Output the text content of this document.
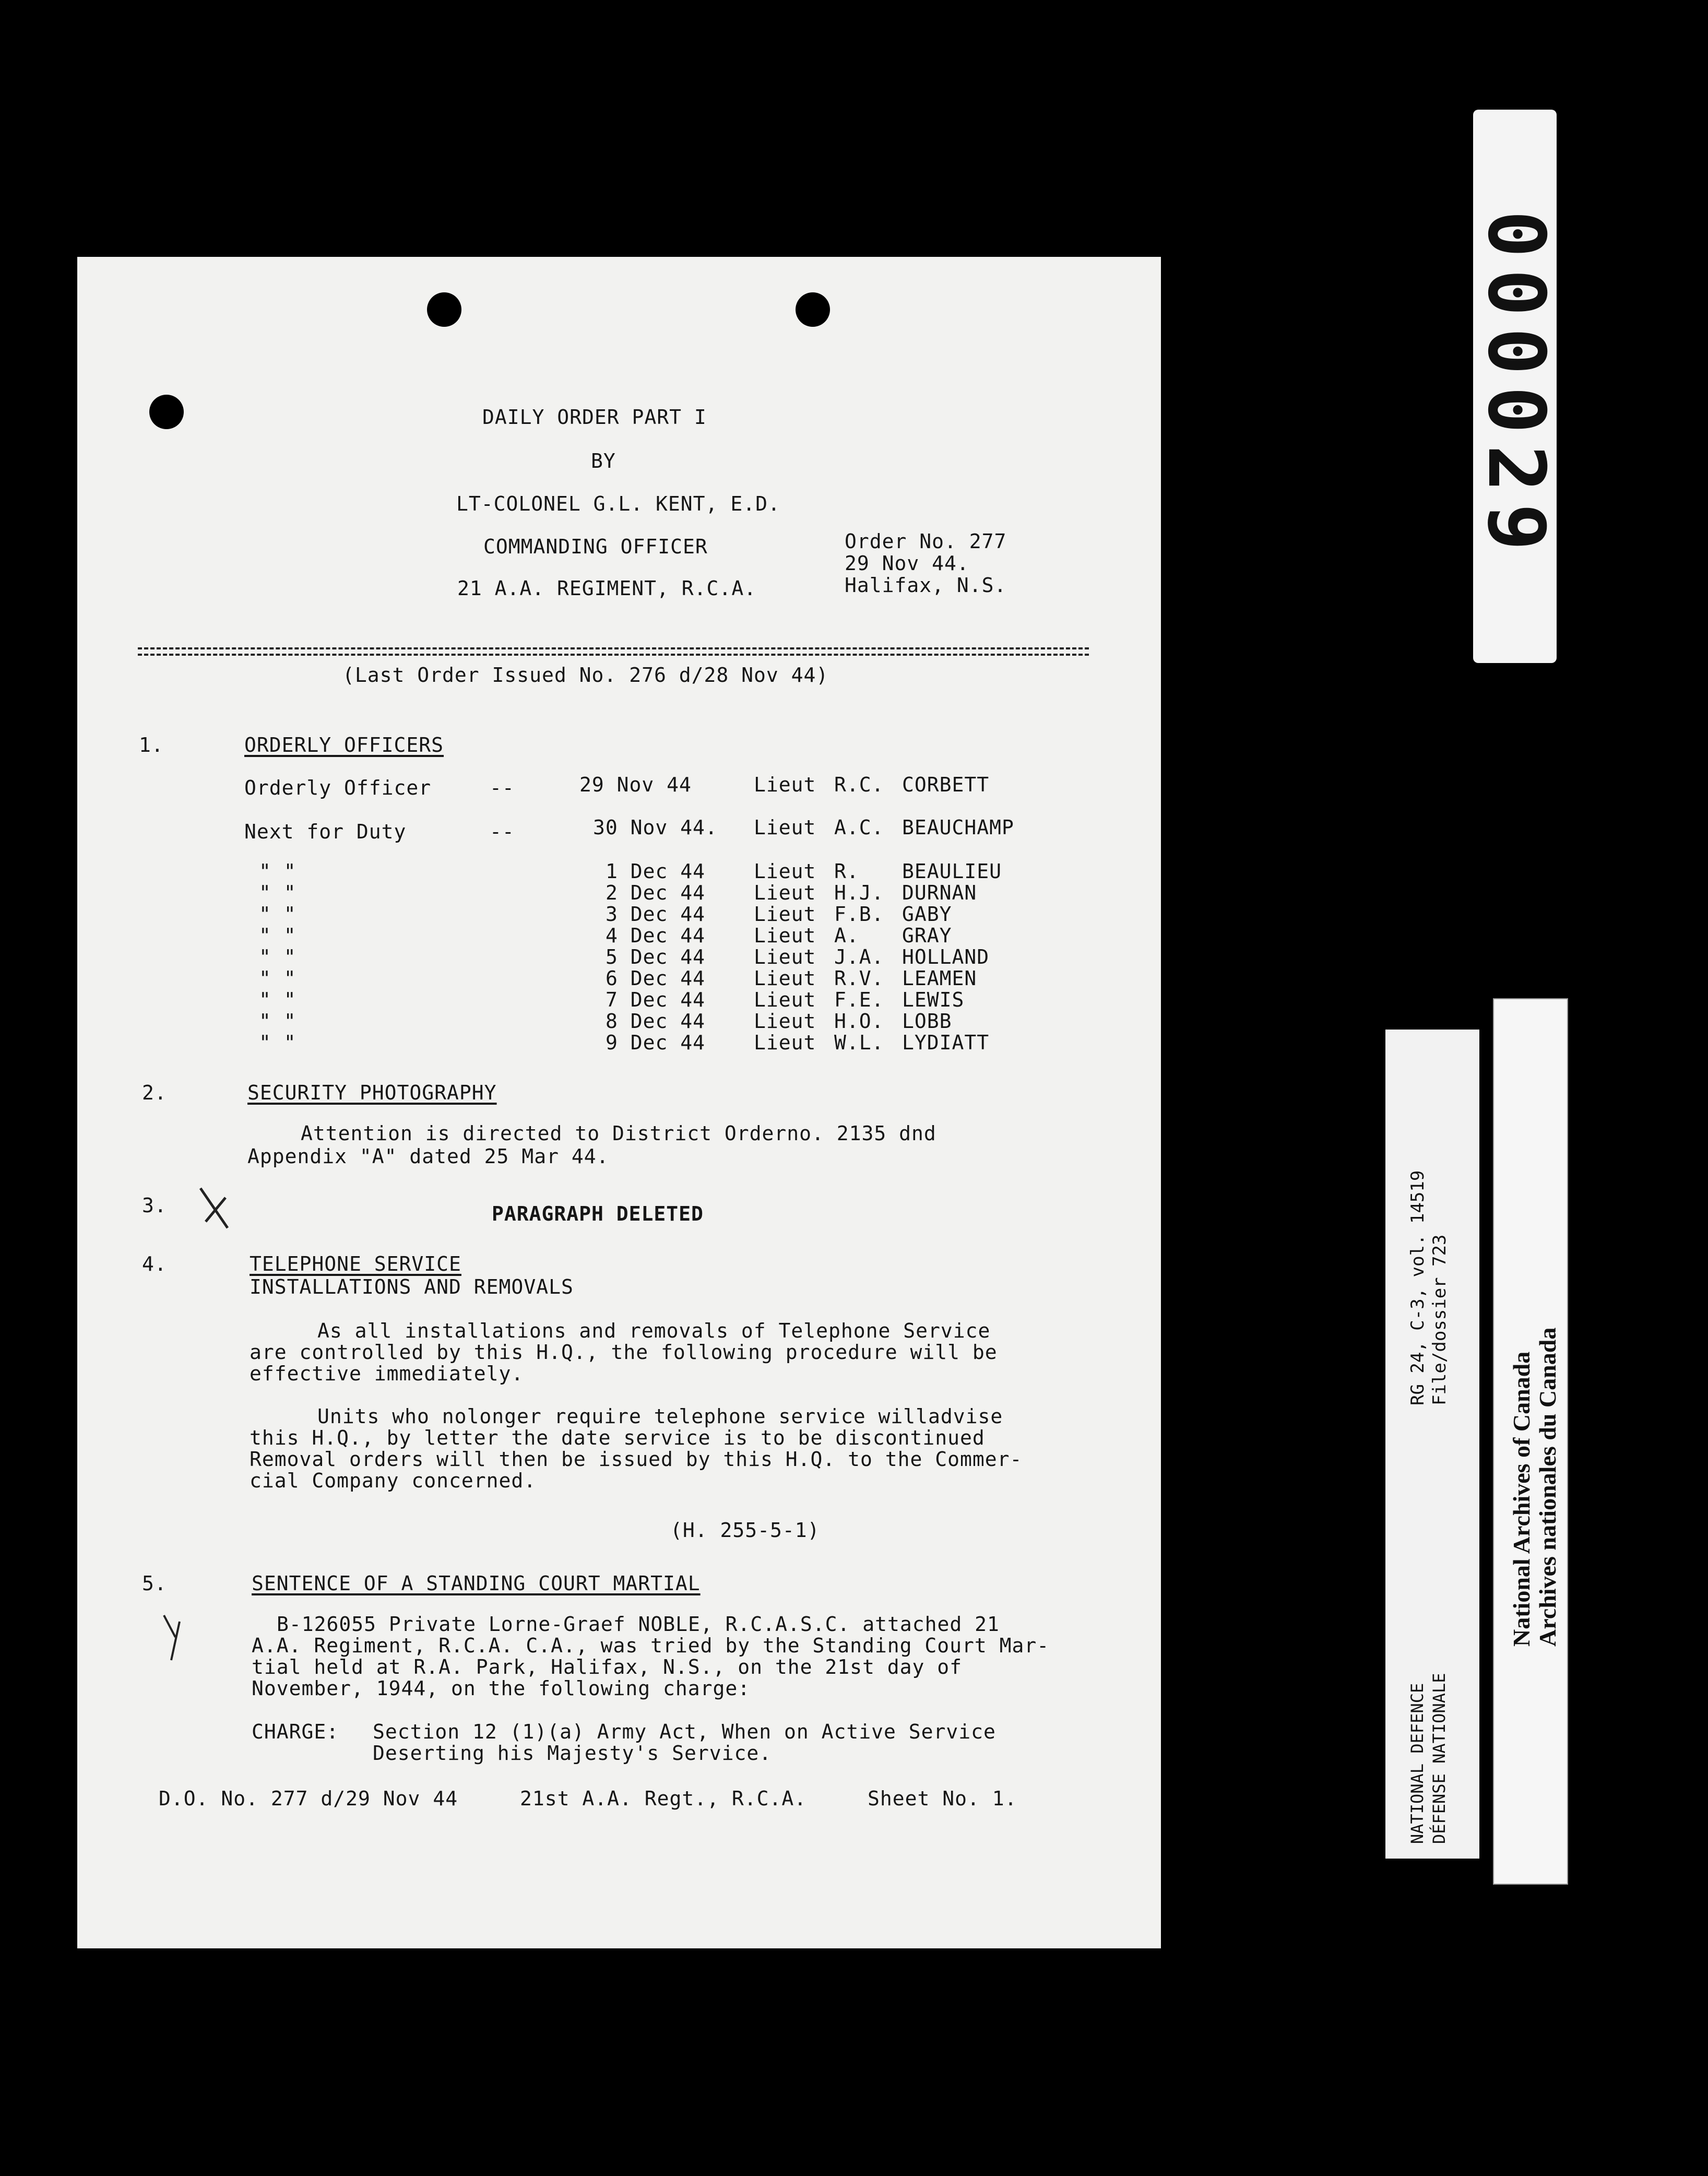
DAILY ORDER PART I
BY
LT-COLONEL G.L. KENT, E.D.
COMMANDING OFFICER
21 A.A. REGIMENT, R.C.A.
Order No. 277
29 Nov 44.
Halifax, N.S.
(Last Order Issued No. 276 d/28 Nov 44)
1.	ORDERLY OFFICERS
Orderly Officer	--	29 Nov 44	Lieut R.C. CORBETT
Next for Duty	--	30 Nov 44. Lieut A.C. BEAUCHAMP
" "	1 Dec 44 Lieut R. BEAULIEU
" "	2 Dec 44 Lieut H.J. DURNAN
" "	3 Dec 44 Lieut F.B. GABY
" "	4 Dec 44 Lieut A. GRAY
" "	5 Dec 44 Lieut J.A. HOLLAND
" "	6 Dec 44 Lieut R.V. LEAMEN
" "	7 Dec 44 Lieut F.E. LEWIS
" "	8 Dec 44 Lieut H.O. LOBB
" "	9 Dec 44 Lieut W.L. LYDIATT
2.	SECURITY PHOTOGRAPHY
Attention is directed to District Orderno. 2135 dnd
Appendix "A" dated 25 Mar 44.
3.	PARAGRAPH DELETED
4.	TELEPHONE SERVICE
INSTALLATIONS AND REMOVALS
As all installations and removals of Telephone Service
are controlled by this H.Q., the following procedure will be
effective immediately.
Units who nolonger require telephone service willadvise
this H.Q., by letter the date service is to be discontinued
Removal orders will then be issued by this H.Q. to the Commer-
cial Company concerned.
(H. 255-5-1)
5.	SENTENCE OF A STANDING COURT MARTIAL
B-126055 Private Lorne-Graef NOBLE, R.C.A.S.C. attached 21
A.A. Regiment, R.C.A. C.A., was tried by the Standing Court Mar-
tial held at R.A. Park, Halifax, N.S., on the 21st day of
November, 1944, on the following charge:
CHARGE: Section 12 (1)(a) Army Act, When on Active Service
Deserting his Majesty's Service.
D.O. No. 277 d/29 Nov 44	21st A.A. Regt., R.C.A.	Sheet No. 1.
000029
RG 24, C-3, vol. 14519 File/dossier 723
NATIONAL DEFENCE DÉFENSE NATIONALE
National Archives of Canada Archives nationales du Canada
